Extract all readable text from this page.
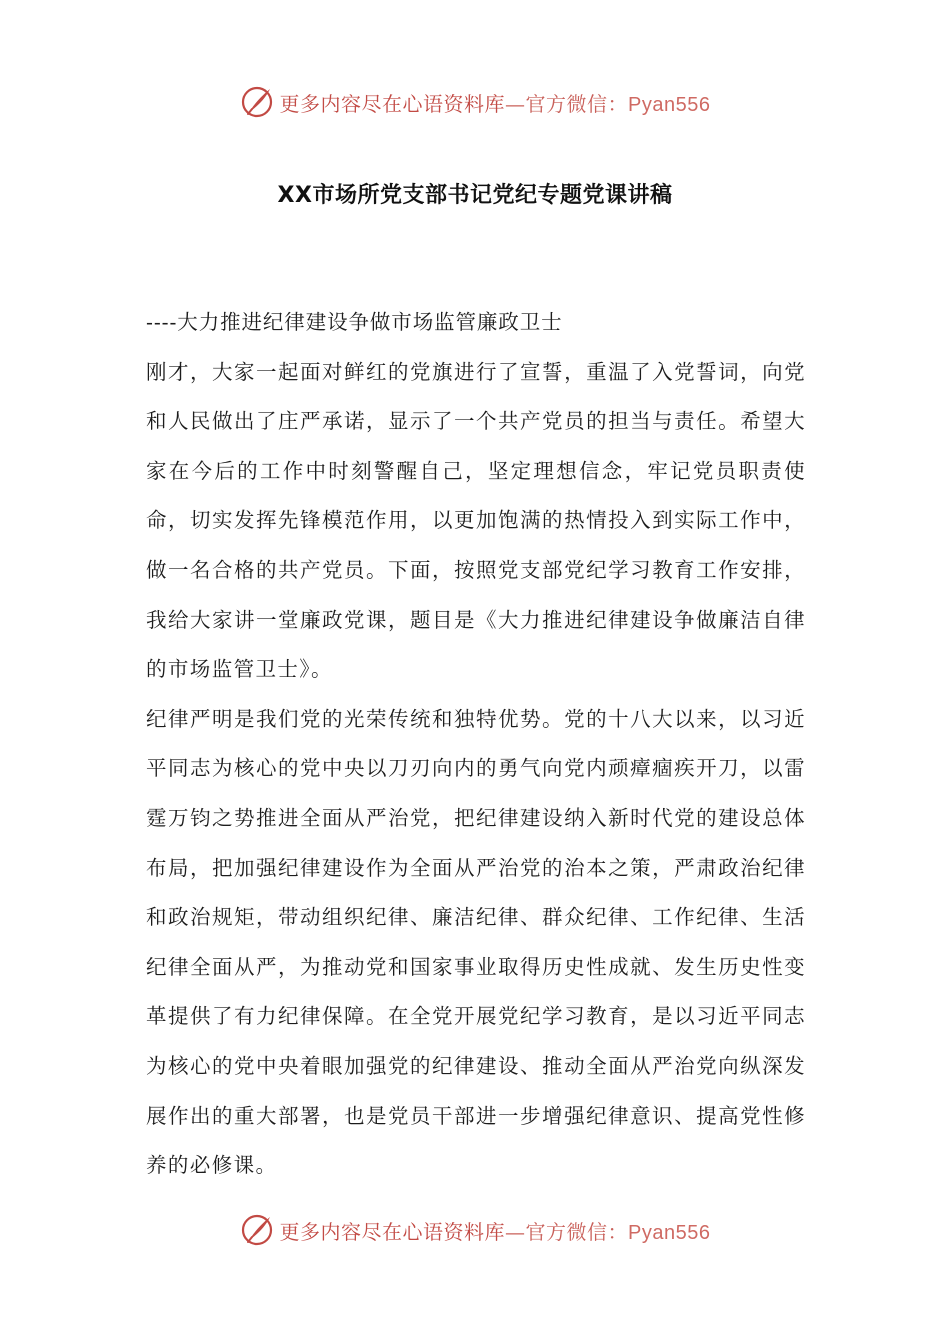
更多内容尽在心语资料库—官方微信：Pyan556
XX市场所党支部书记党纪专题党课讲稿

----大力推进纪律建设争做市场监管廉政卫士

刚才，大家一起面对鲜红的党旗进行了宣誓，重温了入党誓词，向党和人民做出了庄严承诺，显示了一个共产党员的担当与责任。希望大家在今后的工作中时刻警醒自己，坚定理想信念，牢记党员职责使命，切实发挥先锋模范作用，以更加饱满的热情投入到实际工作中，做一名合格的共产党员。下面，按照党支部党纪学习教育工作安排，我给大家讲一堂廉政党课，题目是《大力推进纪律建设争做廉洁自律的市场监管卫士》。

纪律严明是我们党的光荣传统和独特优势。党的十八大以来，以习近平同志为核心的党中央以刀刃向内的勇气向党内顽瘴痼疾开刀，以雷霆万钧之势推进全面从严治党，把纪律建设纳入新时代党的建设总体布局，把加强纪律建设作为全面从严治党的治本之策，严肃政治纪律和政治规矩，带动组织纪律、廉洁纪律、群众纪律、工作纪律、生活纪律全面从严，为推动党和国家事业取得历史性成就、发生历史性变革提供了有力纪律保障。在全党开展党纪学习教育，是以习近平同志为核心的党中央着眼加强党的纪律建设、推动全面从严治党向纵深发展作出的重大部署，也是党员干部进一步增强纪律意识、提高党性修养的必修课。

更多内容尽在心语资料库—官方微信：Pyan556
